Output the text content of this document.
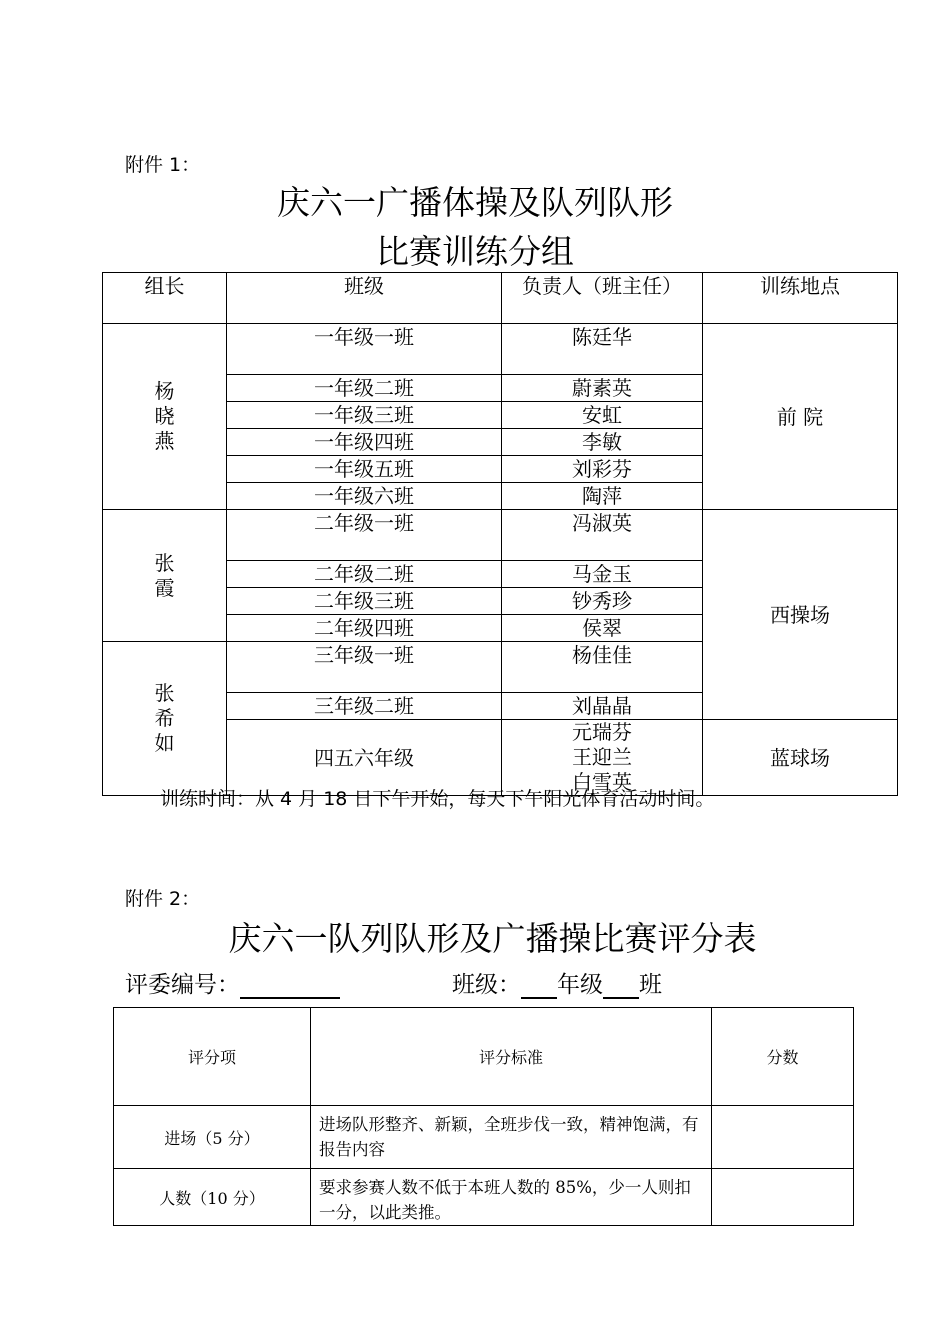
附件 1：
庆六一广播体操及队列队形
比赛训练分组
组长	班级	负责人（班主任）	训练地点

杨
晓
燕	一年级一班	陈廷华	前 院
	一年级二班	蔚素英	
	一年级三班	安虹	
	一年级四班	李敏	
	一年级五班	刘彩芬	
	一年级六班	陶萍	

张
霞	二年级一班	冯淑英	西操场
	二年级二班	马金玉	
	二年级三班	钞秀珍	
	二年级四班	侯翠	

张
希
如	三年级一班	杨佳佳	
	三年级二班	刘晶晶	
	四五六年级	元瑞芬
王迎兰
白雪英	蓝球场
训练时间：从 4 月 18 日下午开始，每天下午阳光体育活动时间。
附件 2：
庆六一队列队形及广播操比赛评分表
评委编号：	班级： 年级 班
评分项	评分标准	分数
进场（5 分）	进场队形整齐、新颖，全班步伐一致，精神饱满，有报告内容	
人数（10 分）	要求参赛人数不低于本班人数的 85%，少一人则扣一分，以此类推。	
